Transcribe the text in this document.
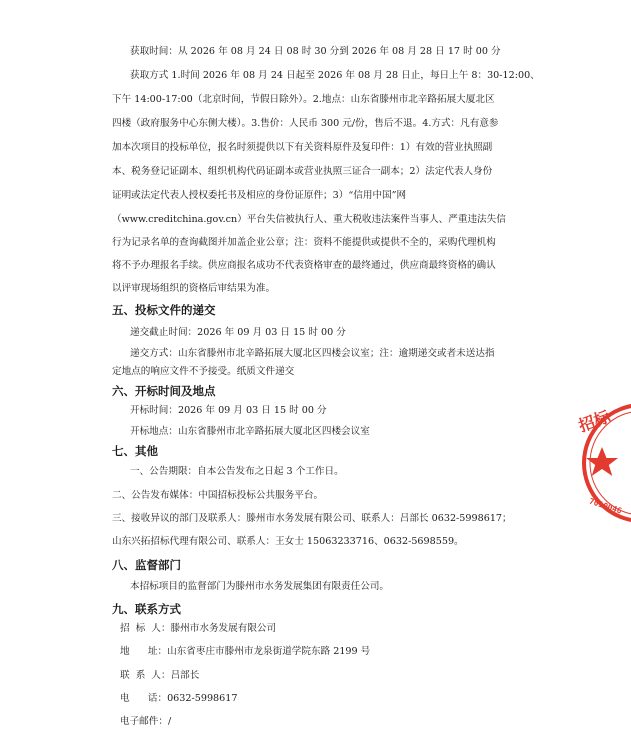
获取时间：从 2026 年 08 月 24 日 08 时 30 分到 2026 年 08 月 28 日 17 时 00 分
获取方式 1.时间 2026 年 08 月 24 日起至 2026 年 08 月 28 日止，每日上午 8：30-12:00、
下午 14:00-17:00（北京时间，节假日除外）。2.地点：山东省滕州市北辛路拓展大厦北区
四楼（政府服务中心东侧大楼）。3.售价：人民币 300 元/份，售后不退。4.方式：凡有意参
加本次项目的投标单位，报名时须提供以下有关资料原件及复印件：1）有效的营业执照副
本、税务登记证副本、组织机构代码证副本或营业执照三证合一副本；2）法定代表人身份
证明或法定代表人授权委托书及相应的身份证原件；3）“信用中国”网
（www.creditchina.gov.cn）平台失信被执行人、重大税收违法案件当事人、严重违法失信
行为记录名单的查询截图并加盖企业公章；注：资料不能提供或提供不全的，采购代理机构
将不予办理报名手续。供应商报名成功不代表资格审查的最终通过，供应商最终资格的确认
以评审现场组织的资格后审结果为准。
五、投标文件的递交
递交截止时间：2026 年 09 月 03 日 15 时 00 分
递交方式：山东省滕州市北辛路拓展大厦北区四楼会议室；注：逾期递交或者未送达指
定地点的响应文件不予接受。纸质文件递交
六、开标时间及地点
开标时间：2026 年 09 月 03 日 15 时 00 分
开标地点：山东省滕州市北辛路拓展大厦北区四楼会议室
七、其他
一、公告期限：自本公告发布之日起 3 个工作日。
二、公告发布媒体：中国招标投标公共服务平台。
三、接收异议的部门及联系人：滕州市水务发展有限公司、联系人：吕部长 0632-5998617；
山东兴拓招标代理有限公司、联系人：王女士 15063233716、0632-5698559。
八、监督部门
本招标项目的监督部门为滕州市水务发展集团有限责任公司。
九、联系方式
招  标  人：滕州市水务发展有限公司
地      址：山东省枣庄市滕州市龙泉街道学院东路 2199 号
联  系  人：吕部长
电      话：0632-5998617
电子邮件：/
招标
7010046
